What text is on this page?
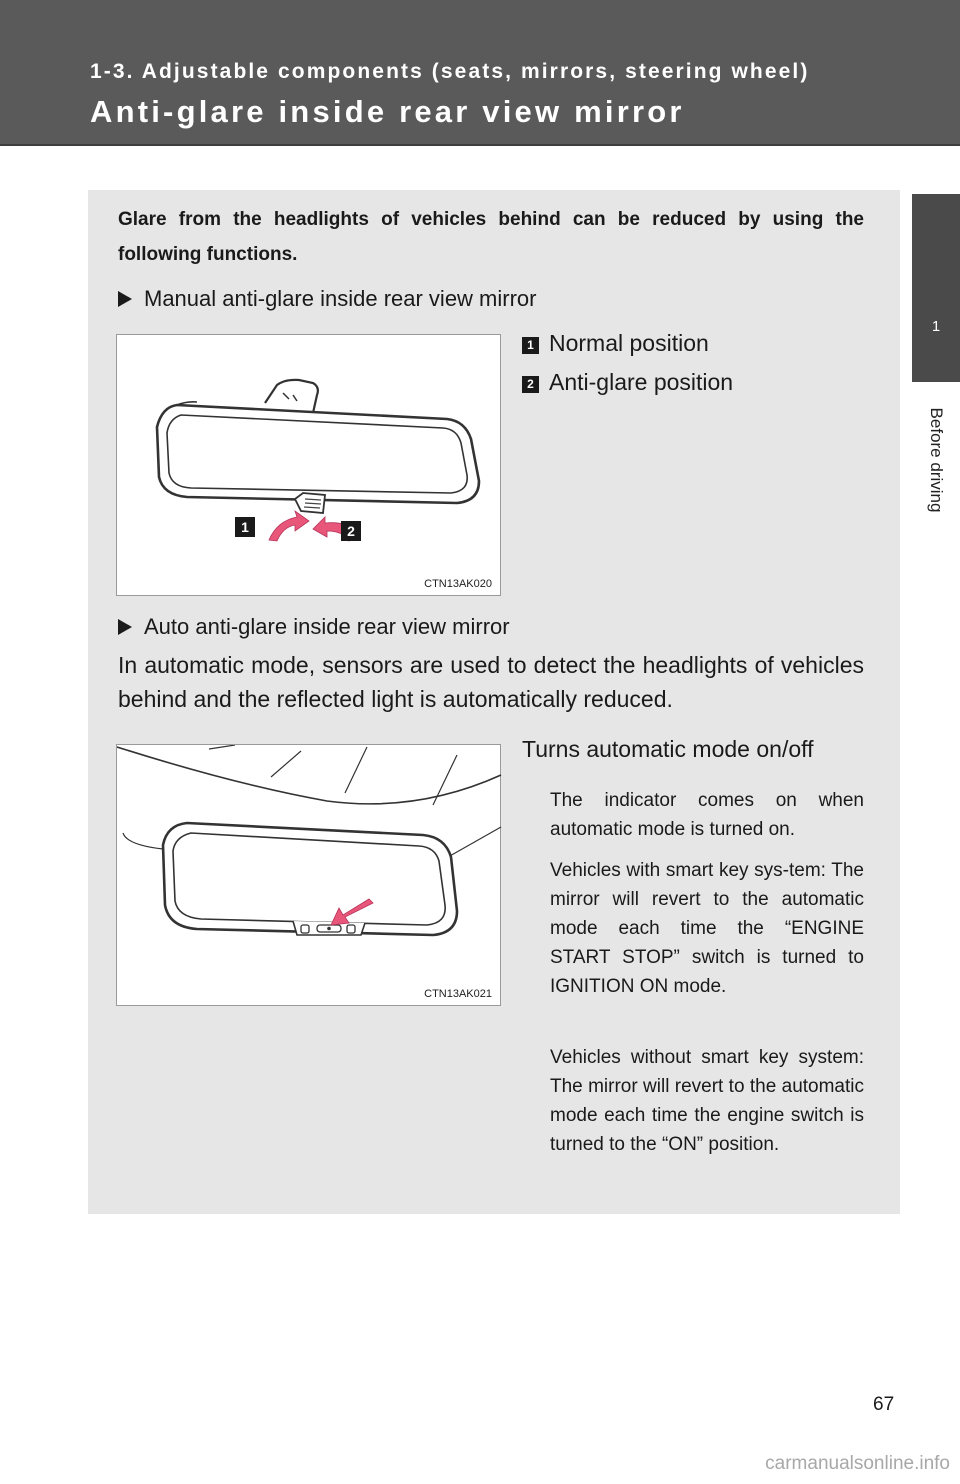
1-3. Adjustable components (seats, mirrors, steering wheel)
Anti-glare inside rear view mirror
1
Before driving
Glare from the headlights of vehicles behind can be reduced by using the following functions.
Manual anti-glare inside rear view mirror
1	2
CTN13AK020
1 Normal position
2 Anti-glare position
Auto anti-glare inside rear view mirror
In automatic mode, sensors are used to detect the headlights of vehicles behind and the reflected light is automatically reduced.
CTN13AK021
Turns automatic mode on/off
The indicator comes on when automatic mode is turned on.
Vehicles with smart key sys-tem: The mirror will revert to the automatic mode each time the “ENGINE START STOP” switch is turned to IGNITION ON mode.
Vehicles without smart key system: The mirror will revert to the automatic mode each time the engine switch is turned to the “ON” position.
67
carmanualsonline.info
